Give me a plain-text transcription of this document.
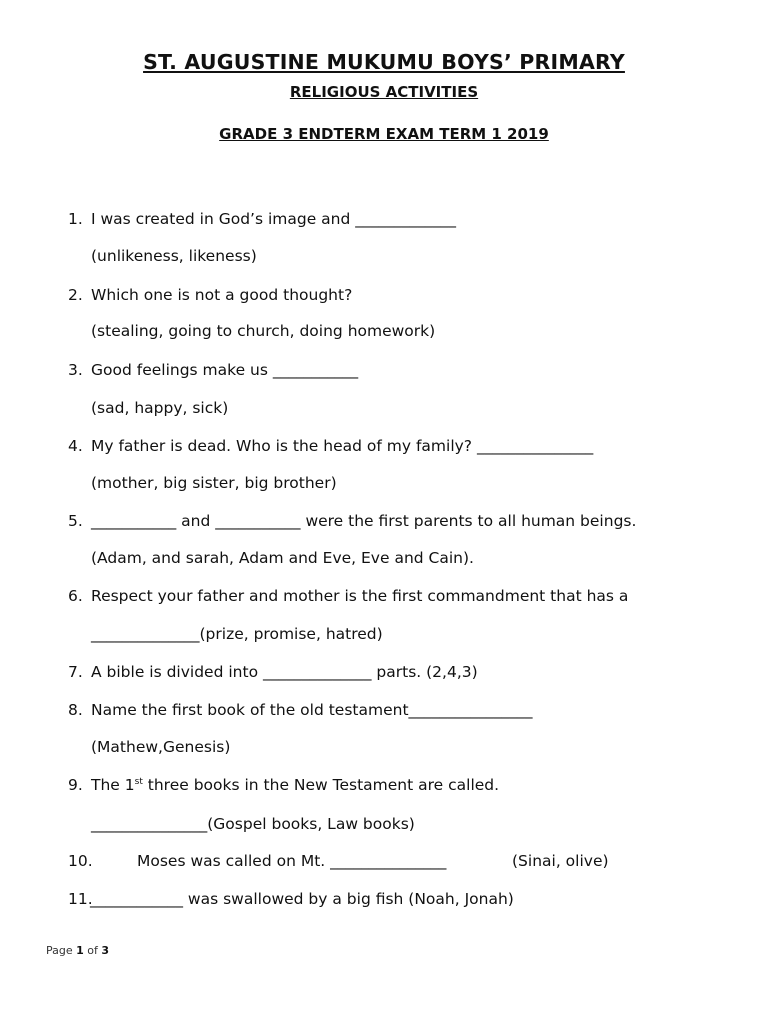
ST. AUGUSTINE MUKUMU BOYS’ PRIMARY
RELIGIOUS ACTIVITIES
GRADE 3 ENDTERM EXAM TERM 1 2019
1. I was created in God’s image and _____________
(unlikeness, likeness)
2. Which one is not a good thought?
(stealing, going to church, doing homework)
3. Good feelings make us ___________
(sad, happy, sick)
4. My father is dead. Who is the head of my family? _______________
(mother, big sister, big brother)
5. ___________ and ___________ were the first parents to all human beings.
(Adam, and sarah, Adam and Eve, Eve and Cain).
6. Respect your father and mother is the first commandment that has a
______________(prize, promise, hatred)
7. A bible is divided into ______________ parts. (2,4,3)
8. Name the first book of the old testament________________
(Mathew,Genesis)
9. The 1st three books in the New Testament are called.
_______________(Gospel books, Law books)
10.	Moses was called on Mt. _______________	(Sinai, olive)
11.
____________ was swallowed by a big fish (Noah, Jonah)
Page 1 of 3
